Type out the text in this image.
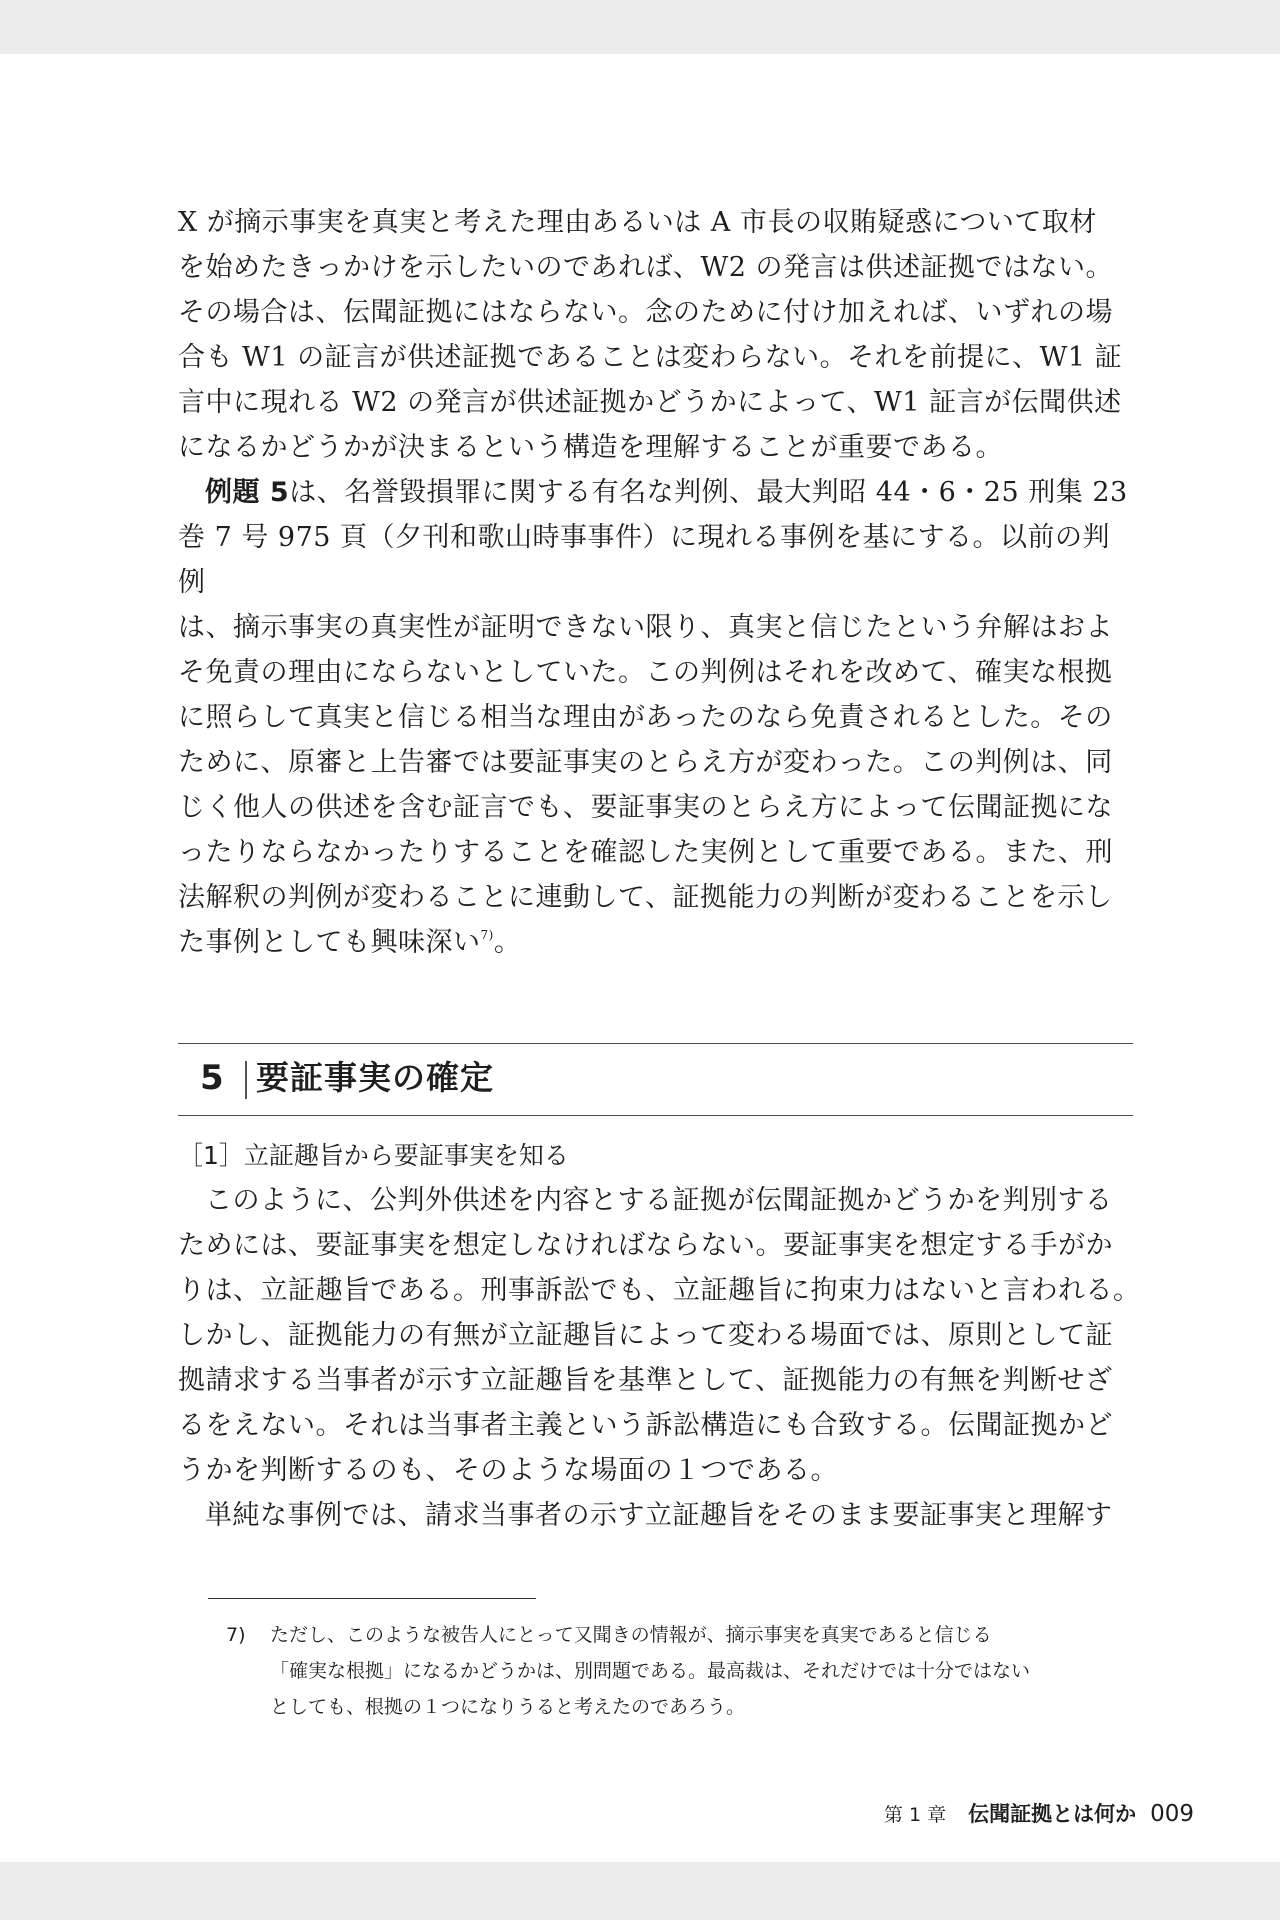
X が摘示事実を真実と考えた理由あるいは A 市長の収賄疑惑について取材
を始めたきっかけを示したいのであれば、W2 の発言は供述証拠ではない。
その場合は、伝聞証拠にはならない。念のために付け加えれば、いずれの場
合も W1 の証言が供述証拠であることは変わらない。それを前提に、W1 証
言中に現れる W2 の発言が供述証拠かどうかによって、W1 証言が伝聞供述
になるかどうかが決まるという構造を理解することが重要である。

例題 5は、名誉毀損罪に関する有名な判例、最大判昭 44・6・25 刑集 23
巻 7 号 975 頁（夕刊和歌山時事事件）に現れる事例を基にする。以前の判例
は、摘示事実の真実性が証明できない限り、真実と信じたという弁解はおよ
そ免責の理由にならないとしていた。この判例はそれを改めて、確実な根拠
に照らして真実と信じる相当な理由があったのなら免責されるとした。その
ために、原審と上告審では要証事実のとらえ方が変わった。この判例は、同
じく他人の供述を含む証言でも、要証事実のとらえ方によって伝聞証拠にな
ったりならなかったりすることを確認した実例として重要である。また、刑
法解釈の判例が変わることに連動して、証拠能力の判断が変わることを示し
た事例としても興味深い$^{7)}$。

5 要証事実の確定

［1］立証趣旨から要証事実を知る

このように、公判外供述を内容とする証拠が伝聞証拠かどうかを判別する
ためには、要証事実を想定しなければならない。要証事実を想定する手がか
りは、立証趣旨である。刑事訴訟でも、立証趣旨に拘束力はないと言われる。
しかし、証拠能力の有無が立証趣旨によって変わる場面では、原則として証
拠請求する当事者が示す立証趣旨を基準として、証拠能力の有無を判断せざ
るをえない。それは当事者主義という訴訟構造にも合致する。伝聞証拠かど
うかを判断するのも、そのような場面の１つである。

単純な事例では、請求当事者の示す立証趣旨をそのまま要証事実と理解す

7) ただし、このような被告人にとって又聞きの情報が、摘示事実を真実であると信じる
「確実な根拠」になるかどうかは、別問題である。最高裁は、それだけでは十分ではない
としても、根拠の１つになりうると考えたのであろう。

第 1 章 伝聞証拠とは何か 009
